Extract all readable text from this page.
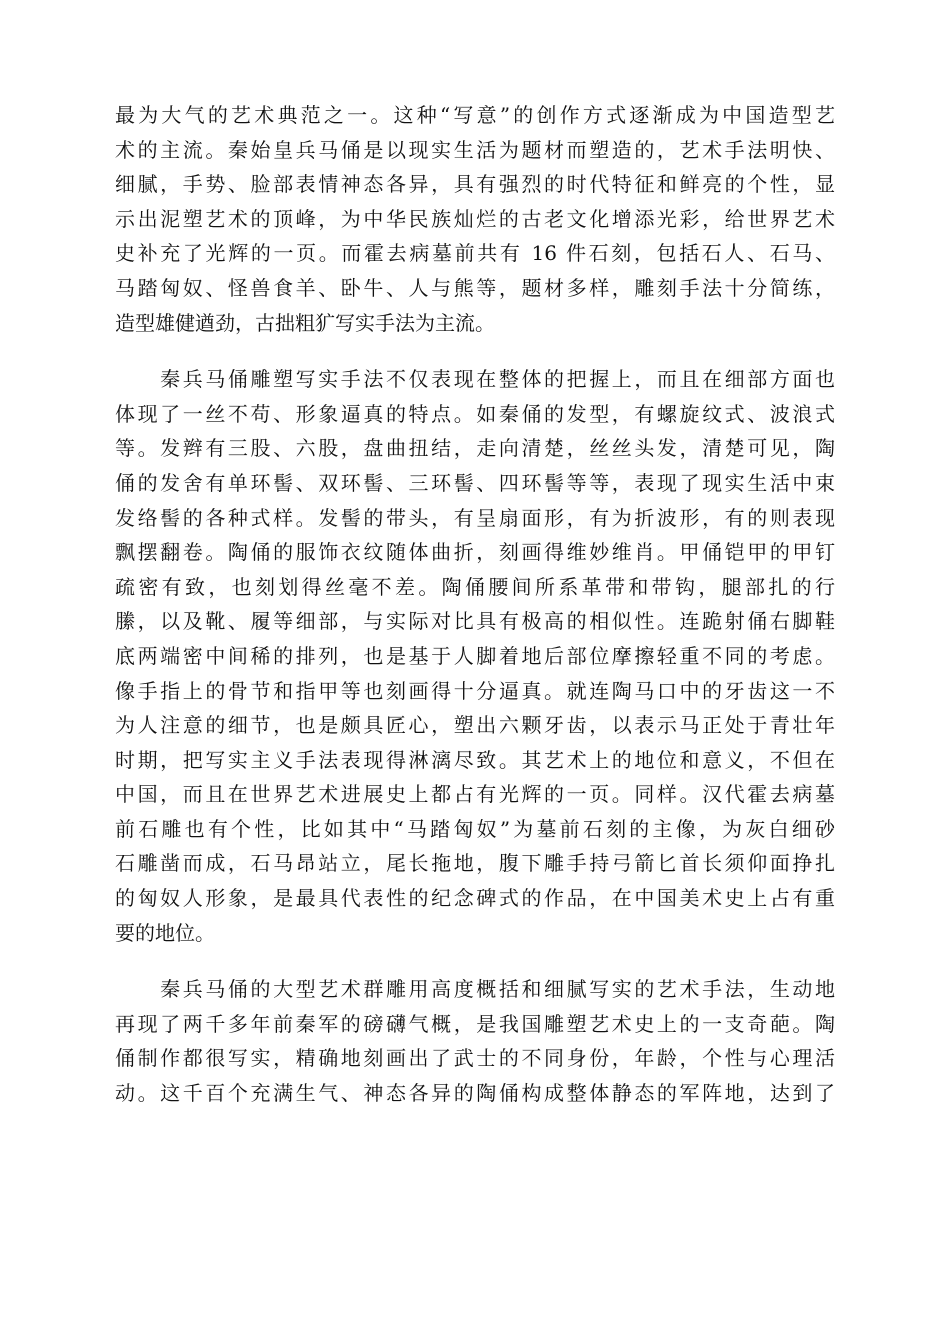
最为大气的艺术典范之一。这种“写意”的创作方式逐渐成为中国造型艺
术的主流。秦始皇兵马俑是以现实生活为题材而塑造的，艺术手法明快、
细腻，手势、脸部表情神态各异，具有强烈的时代特征和鲜亮的个性，显
示出泥塑艺术的顶峰，为中华民族灿烂的古老文化增添光彩，给世界艺术
史补充了光辉的一页。而霍去病墓前共有 16 件石刻，包括石人、石马、
马踏匈奴、怪兽食羊、卧牛、人与熊等，题材多样，雕刻手法十分简练，
造型雄健遒劲，古拙粗犷写实手法为主流。
　　秦兵马俑雕塑写实手法不仅表现在整体的把握上，而且在细部方面也
体现了一丝不苟、形象逼真的特点。如秦俑的发型，有螺旋纹式、波浪式
等。发辫有三股、六股，盘曲扭结，走向清楚，丝丝头发，清楚可见，陶
俑的发舍有单环髻、双环髻、三环髻、四环髻等等，表现了现实生活中束
发络髻的各种式样。发髻的带头，有呈扇面形，有为折波形，有的则表现
飘摆翻卷。陶俑的服饰衣纹随体曲折，刻画得维妙维肖。甲俑铠甲的甲钉
疏密有致，也刻划得丝毫不差。陶俑腰间所系革带和带钩，腿部扎的行
縢，以及靴、履等细部，与实际对比具有极高的相似性。连跪射俑右脚鞋
底两端密中间稀的排列，也是基于人脚着地后部位摩擦轻重不同的考虑。
像手指上的骨节和指甲等也刻画得十分逼真。就连陶马口中的牙齿这一不
为人注意的细节，也是颇具匠心，塑出六颗牙齿，以表示马正处于青壮年
时期，把写实主义手法表现得淋漓尽致。其艺术上的地位和意义，不但在
中国，而且在世界艺术进展史上都占有光辉的一页。同样。汉代霍去病墓
前石雕也有个性，比如其中“马踏匈奴”为墓前石刻的主像，为灰白细砂
石雕凿而成，石马昂站立，尾长拖地，腹下雕手持弓箭匕首长须仰面挣扎
的匈奴人形象，是最具代表性的纪念碑式的作品，在中国美术史上占有重
要的地位。
　　秦兵马俑的大型艺术群雕用高度概括和细腻写实的艺术手法，生动地
再现了两千多年前秦军的磅礴气概，是我国雕塑艺术史上的一支奇葩。陶
俑制作都很写实，精确地刻画出了武士的不同身份，年龄，个性与心理活
动。这千百个充满生气、神态各异的陶俑构成整体静态的军阵地，达到了
